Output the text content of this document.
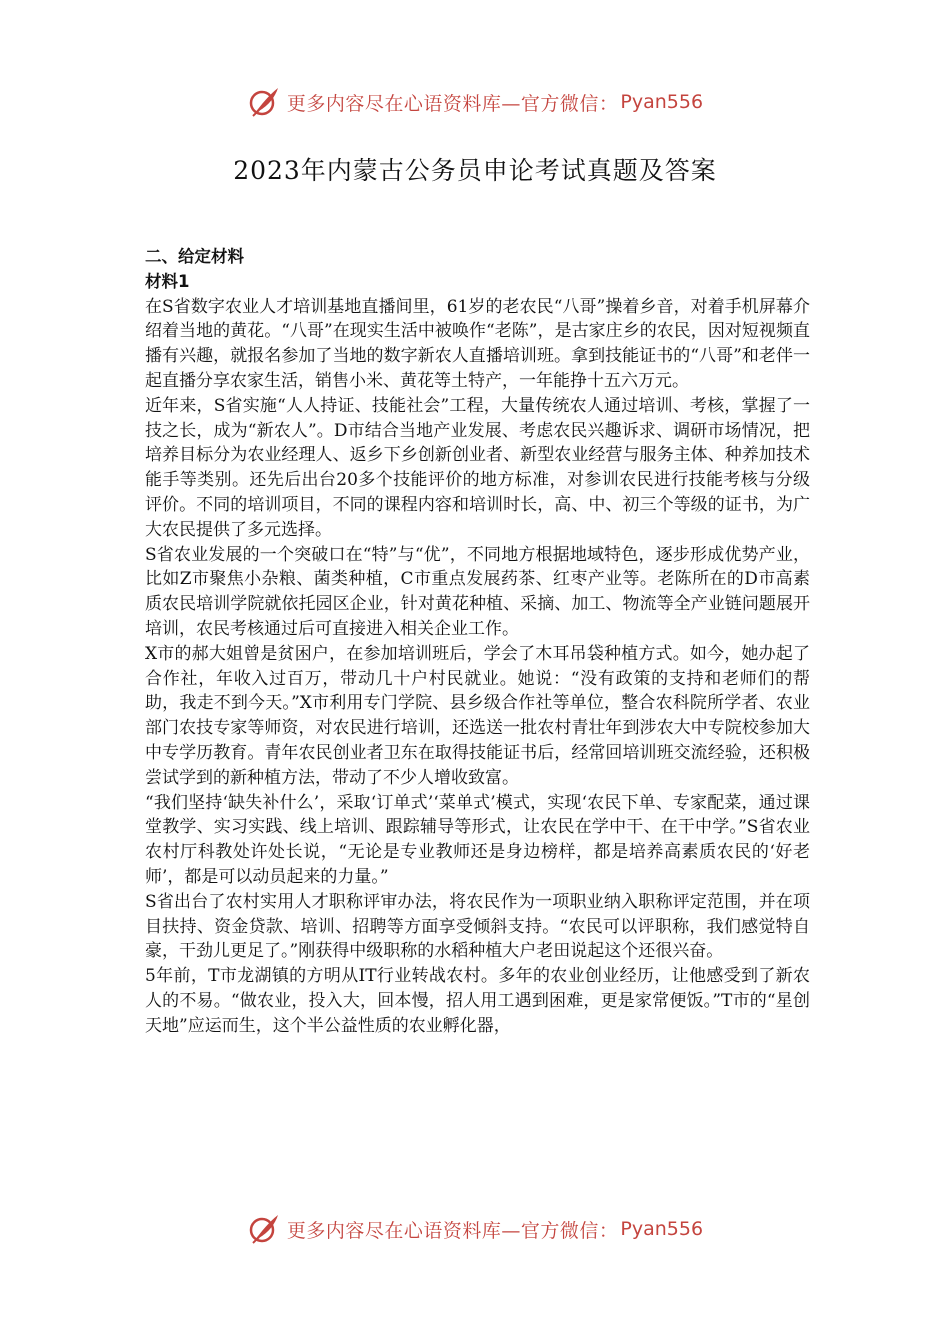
更多内容尽在心语资料库—官方微信： Pyan556
2023年内蒙古公务员申论考试真题及答案
二、给定材料
材料1

在S省数字农业人才培训基地直播间里，61岁的老农民“八哥”操着乡音，对着手机屏幕介绍着当地的黄花。“八哥”在现实生活中被唤作“老陈”，是古家庄乡的农民，因对短视频直播有兴趣，就报名参加了当地的数字新农人直播培训班。拿到技能证书的“八哥”和老伴一起直播分享农家生活，销售小米、黄花等土特产，一年能挣十五六万元。

近年来，S省实施“人人持证、技能社会”工程，大量传统农人通过培训、考核，掌握了一技之长，成为“新农人”。D市结合当地产业发展、考虑农民兴趣诉求、调研市场情况，把培养目标分为农业经理人、返乡下乡创新创业者、新型农业经营与服务主体、种养加技术能手等类别。还先后出台20多个技能评价的地方标准，对参训农民进行技能考核与分级评价。不同的培训项目，不同的课程内容和培训时长，高、中、初三个等级的证书，为广大农民提供了多元选择。

S省农业发展的一个突破口在“特”与“优”，不同地方根据地域特色，逐步形成优势产业，比如Z市聚焦小杂粮、菌类种植，C市重点发展药茶、红枣产业等。老陈所在的D市高素质农民培训学院就依托园区企业，针对黄花种植、采摘、加工、物流等全产业链问题展开培训，农民考核通过后可直接进入相关企业工作。

X市的郝大姐曾是贫困户，在参加培训班后，学会了木耳吊袋种植方式。如今，她办起了合作社，年收入过百万，带动几十户村民就业。她说：“没有政策的支持和老师们的帮助，我走不到今天。”X市利用专门学院、县乡级合作社等单位，整合农科院所学者、农业部门农技专家等师资，对农民进行培训，还选送一批农村青壮年到涉农大中专院校参加大中专学历教育。青年农民创业者卫东在取得技能证书后，经常回培训班交流经验，还积极尝试学到的新种植方法，带动了不少人增收致富。

“我们坚持‘缺失补什么’，采取‘订单式’‘菜单式’模式，实现‘农民下单、专家配菜，通过课堂教学、实习实践、线上培训、跟踪辅导等形式，让农民在学中干、在干中学。”S省农业农村厅科教处许处长说，“无论是专业教师还是身边榜样，都是培养高素质农民的‘好老师’，都是可以动员起来的力量。”

S省出台了农村实用人才职称评审办法，将农民作为一项职业纳入职称评定范围，并在项目扶持、资金贷款、培训、招聘等方面享受倾斜支持。“农民可以评职称，我们感觉特自豪，干劲儿更足了。”刚获得中级职称的水稻种植大户老田说起这个还很兴奋。

5年前，T市龙湖镇的方明从IT行业转战农村。多年的农业创业经历，让他感受到了新农人的不易。“做农业，投入大，回本慢，招人用工遇到困难，更是家常便饭。”T市的“星创天地”应运而生，这个半公益性质的农业孵化器，

更多内容尽在心语资料库—官方微信： Pyan556
